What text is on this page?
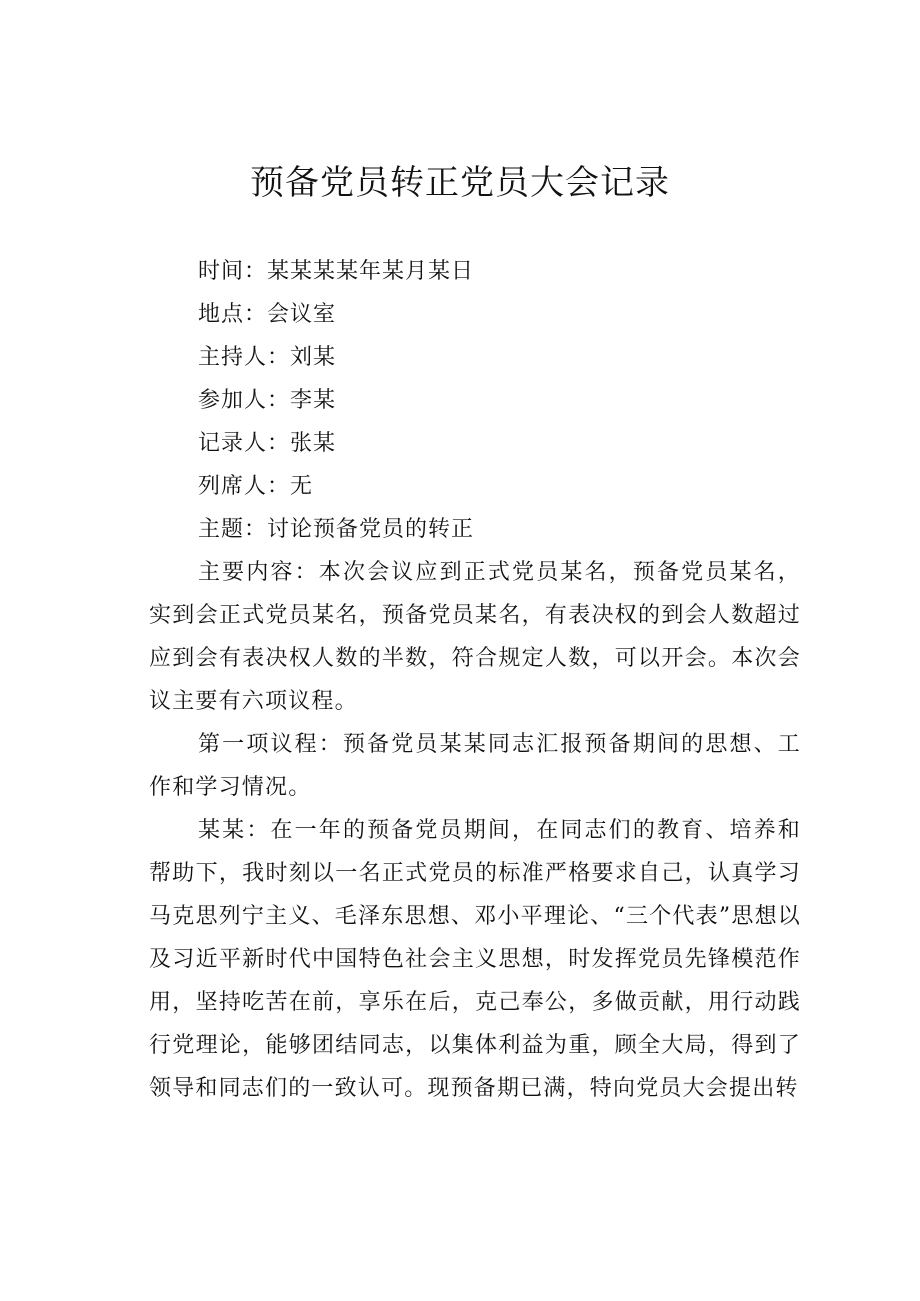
预备党员转正党员大会记录
时间：某某某某年某月某日
地点：会议室
主持人：刘某
参加人：李某
记录人：张某
列席人：无
主题：讨论预备党员的转正

主要内容：本次会议应到正式党员某名，预备党员某名，实到会正式党员某名，预备党员某名，有表决权的到会人数超过应到会有表决权人数的半数，符合规定人数，可以开会。本次会议主要有六项议程。

第一项议程：预备党员某某同志汇报预备期间的思想、工作和学习情况。

某某：在一年的预备党员期间，在同志们的教育、培养和帮助下，我时刻以一名正式党员的标准严格要求自己，认真学习马克思列宁主义、毛泽东思想、邓小平理论、“三个代表”思想以及习近平新时代中国特色社会主义思想，时发挥党员先锋模范作用，坚持吃苦在前，享乐在后，克己奉公，多做贡献，用行动践行党理论，能够团结同志，以集体利益为重，顾全大局，得到了领导和同志们的一致认可。现预备期已满，特向党员大会提出转
